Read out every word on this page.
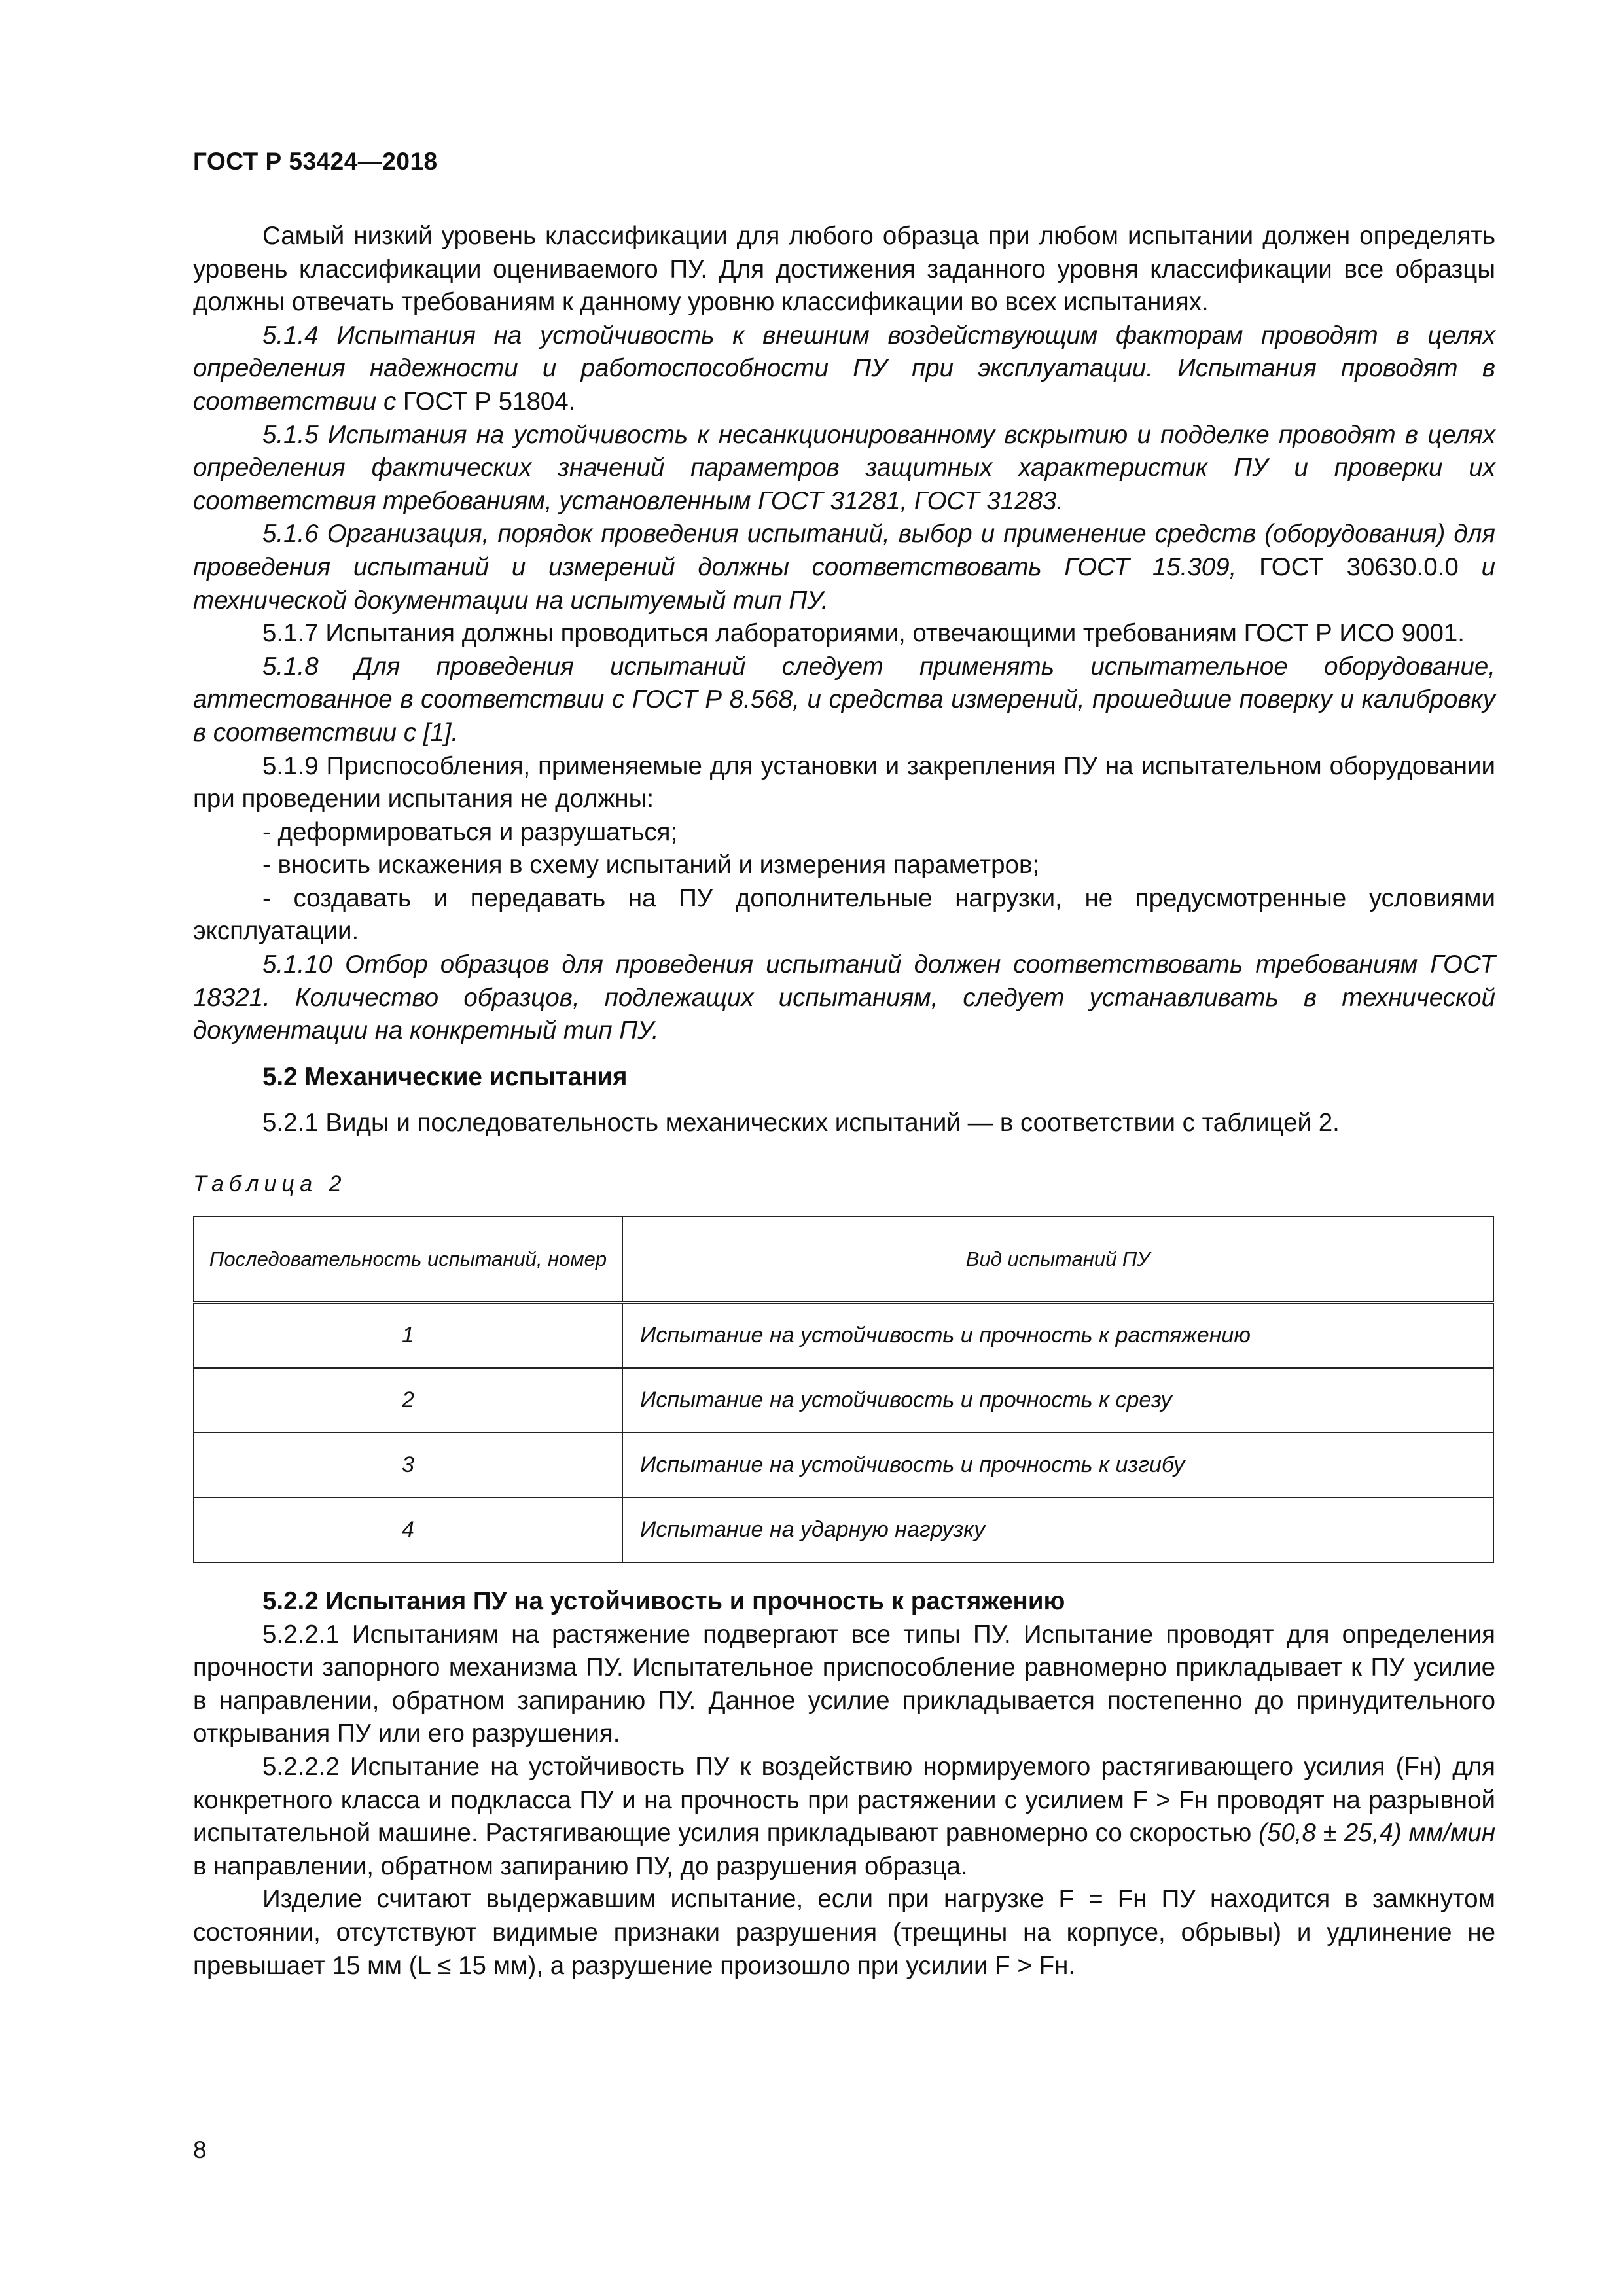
ГОСТ Р 53424—2018

Самый низкий уровень классификации для любого образца при любом испытании должен определять уровень классификации оцениваемого ПУ. Для достижения заданного уровня классификации все образцы должны отвечать требованиям к данному уровню классификации во всех испытаниях.

5.1.4 Испытания на устойчивость к внешним воздействующим факторам проводят в целях определения надежности и работоспособности ПУ при эксплуатации. Испытания проводят в соответствии с ГОСТ Р 51804.

5.1.5 Испытания на устойчивость к несанкционированному вскрытию и подделке проводят в целях определения фактических значений параметров защитных характеристик ПУ и проверки их соответствия требованиям, установленным ГОСТ 31281, ГОСТ 31283.

5.1.6 Организация, порядок проведения испытаний, выбор и применение средств (оборудования) для проведения испытаний и измерений должны соответствовать ГОСТ 15.309, ГОСТ 30630.0.0 и технической документации на испытуемый тип ПУ.

5.1.7 Испытания должны проводиться лабораториями, отвечающими требованиям ГОСТ Р ИСО 9001.

5.1.8 Для проведения испытаний следует применять испытательное оборудование, аттестованное в соответствии с ГОСТ Р 8.568, и средства измерений, прошедшие поверку и калибровку в соответствии с [1].

5.1.9 Приспособления, применяемые для установки и закрепления ПУ на испытательном оборудовании при проведении испытания не должны:

- деформироваться и разрушаться;

- вносить искажения в схему испытаний и измерения параметров;

- создавать и передавать на ПУ дополнительные нагрузки, не предусмотренные условиями эксплуатации.

5.1.10 Отбор образцов для проведения испытаний должен соответствовать требованиям ГОСТ 18321. Количество образцов, подлежащих испытаниям, следует устанавливать в технической документации на конкретный тип ПУ.

5.2 Механические испытания

5.2.1 Виды и последовательность механических испытаний — в соответствии с таблицей 2.

Таблица 2
Последовательность испытаний, номер	Вид испытаний ПУ
1	Испытание на устойчивость и прочность к растяжению
2	Испытание на устойчивость и прочность к срезу
3	Испытание на устойчивость и прочность к изгибу
4	Испытание на ударную нагрузку

5.2.2 Испытания ПУ на устойчивость и прочность к растяжению

5.2.2.1 Испытаниям на растяжение подвергают все типы ПУ. Испытание проводят для определения прочности запорного механизма ПУ. Испытательное приспособление равномерно прикладывает к ПУ усилие в направлении, обратном запиранию ПУ. Данное усилие прикладывается постепенно до принудительного открывания ПУ или его разрушения.

5.2.2.2 Испытание на устойчивость ПУ к воздействию нормируемого растягивающего усилия (Fн) для конкретного класса и подкласса ПУ и на прочность при растяжении с усилием F > Fн проводят на разрывной испытательной машине. Растягивающие усилия прикладывают равномерно со скоростью (50,8 ± 25,4) мм/мин в направлении, обратном запиранию ПУ, до разрушения образца.

Изделие считают выдержавшим испытание, если при нагрузке F = Fн ПУ находится в замкнутом состоянии, отсутствуют видимые признаки разрушения (трещины на корпусе, обрывы) и удлинение не превышает 15 мм (L ≤ 15 мм), а разрушение произошло при усилии F > Fн.

8
